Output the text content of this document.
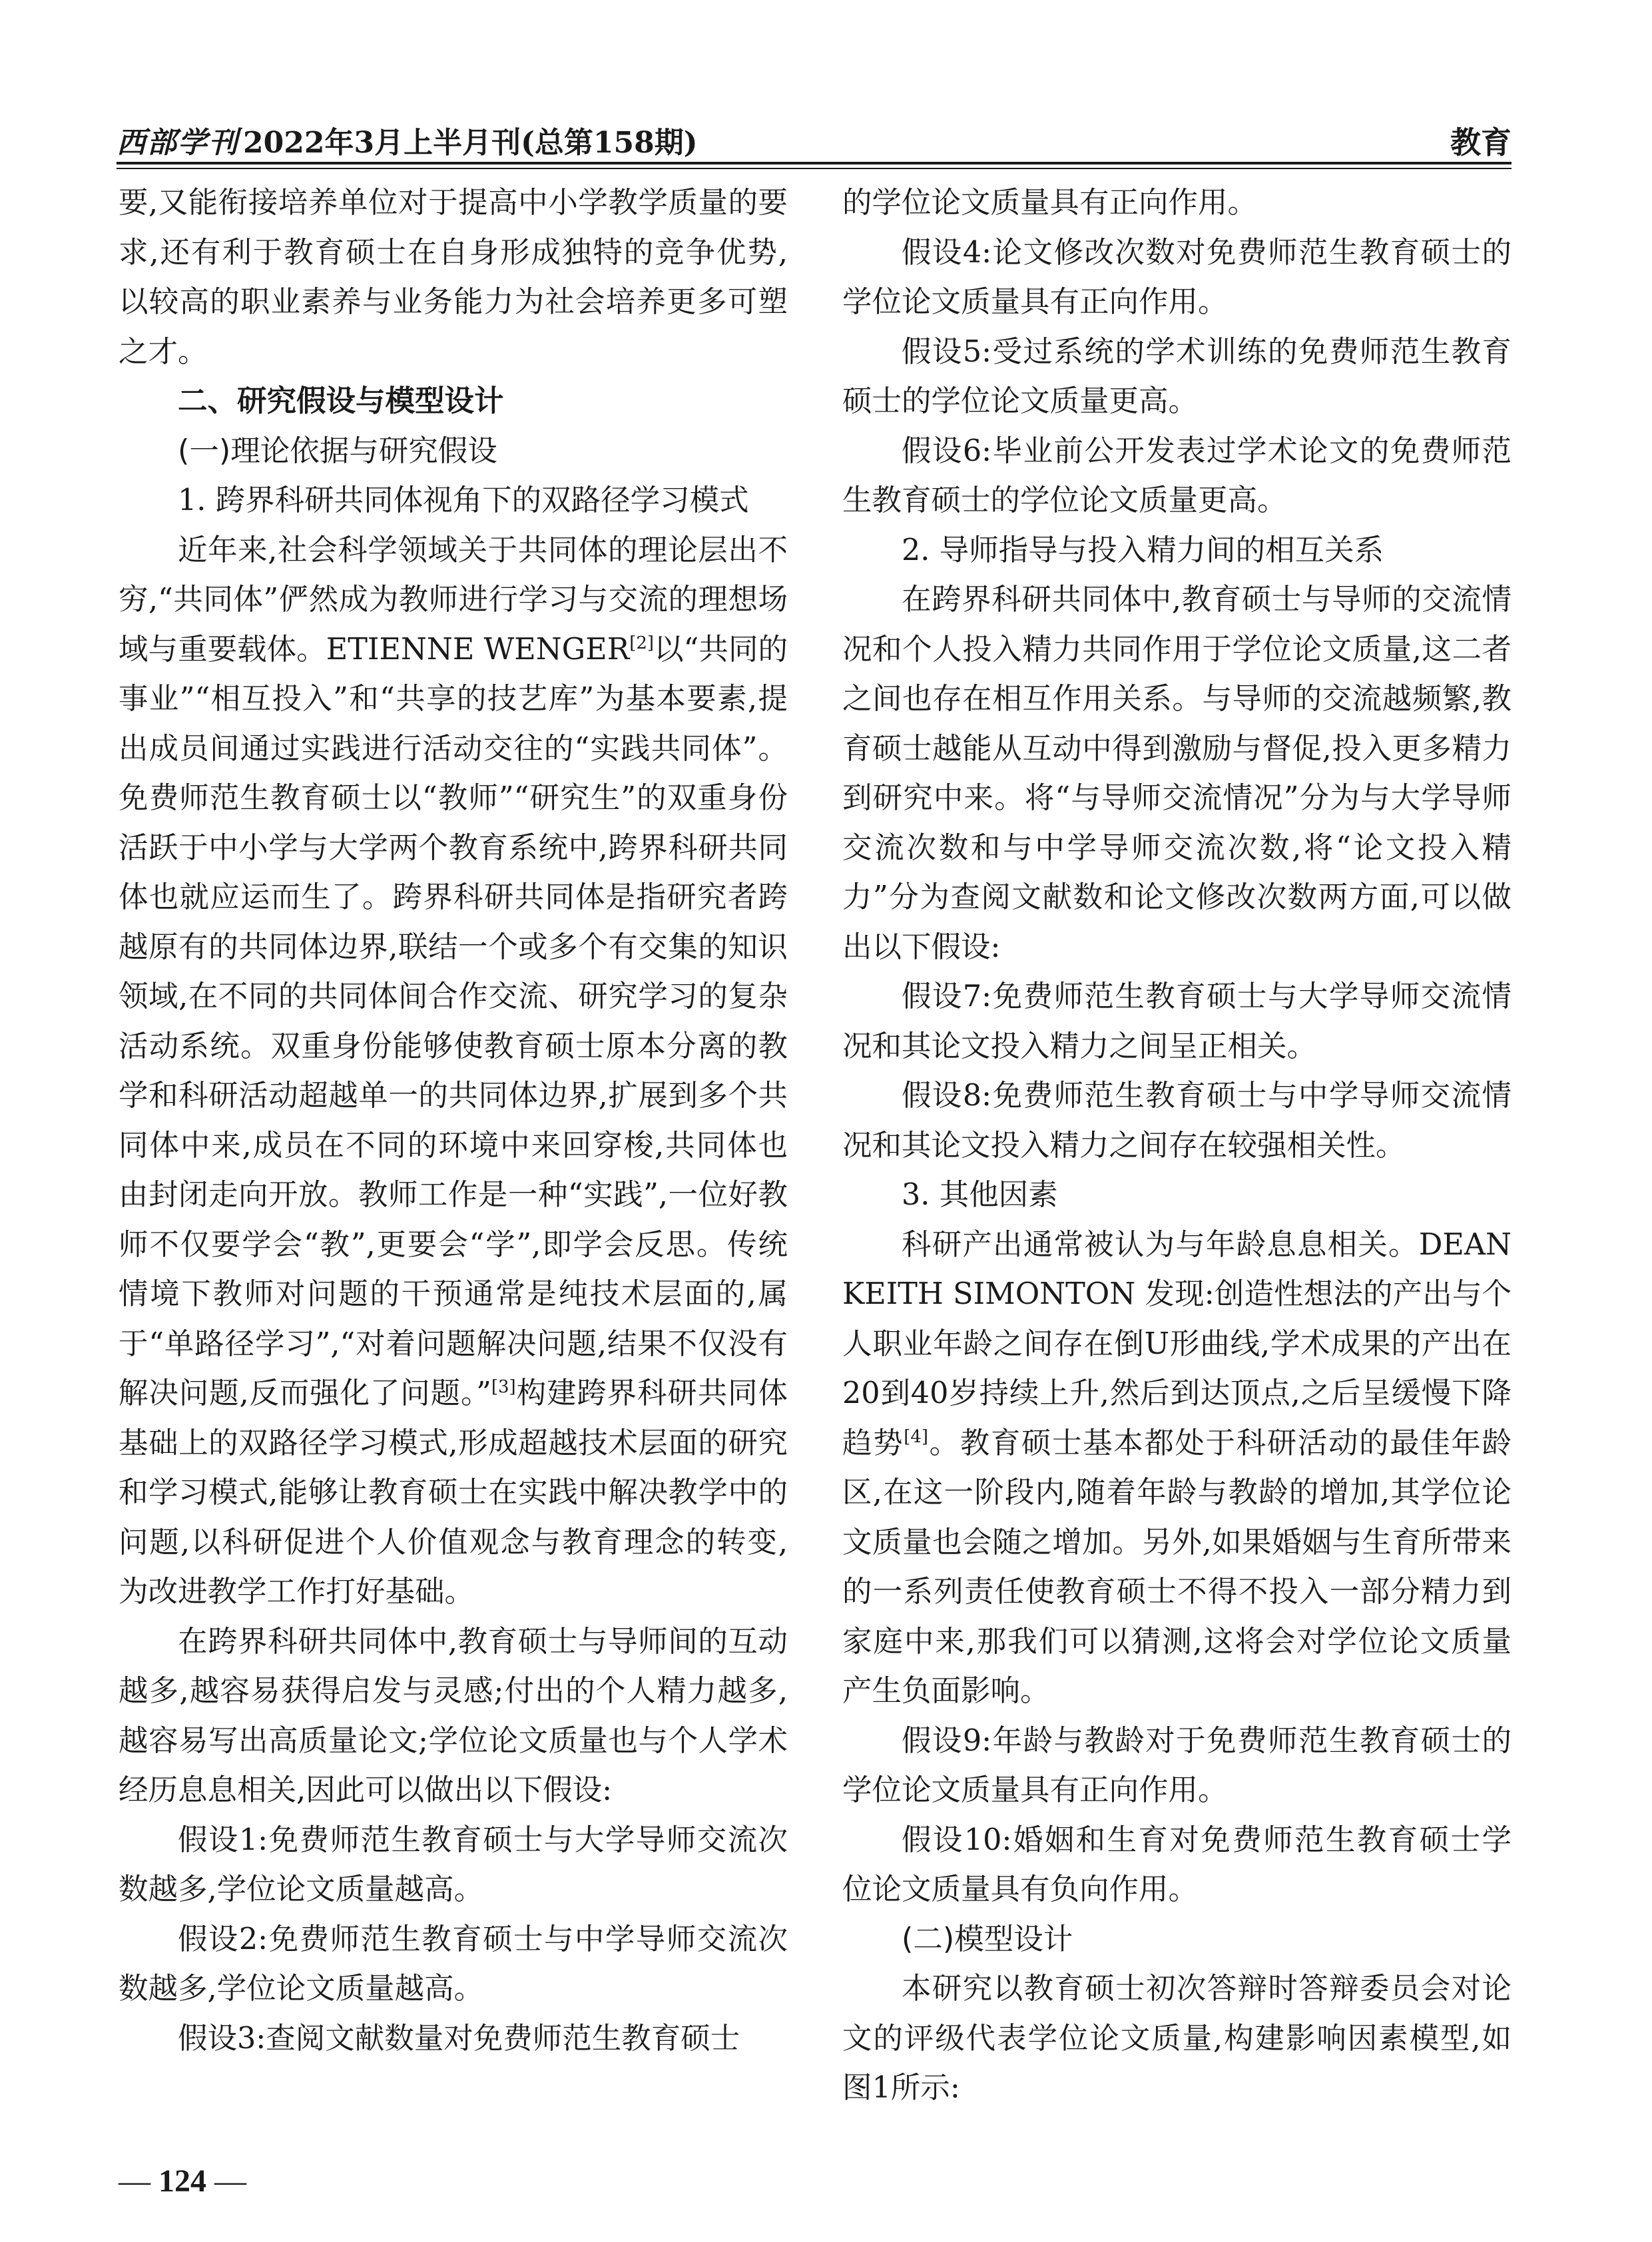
西部学刊 2022年3月上半月刊(总第158期)	教育

要,又能衔接培养单位对于提高中小学教学质量的要求,还有利于教育硕士在自身形成独特的竞争优势,以较高的职业素养与业务能力为社会培养更多可塑之才。

二、研究假设与模型设计

(一)理论依据与研究假设

1. 跨界科研共同体视角下的双路径学习模式

近年来,社会科学领域关于共同体的理论层出不穷,“共同体”俨然成为教师进行学习与交流的理想场域与重要载体。ETIENNE WENGER[2]以“共同的事业”“相互投入”和“共享的技艺库”为基本要素,提出成员间通过实践进行活动交往的“实践共同体”。免费师范生教育硕士以“教师”“研究生”的双重身份活跃于中小学与大学两个教育系统中,跨界科研共同体也就应运而生了。跨界科研共同体是指研究者跨越原有的共同体边界,联结一个或多个有交集的知识领域,在不同的共同体间合作交流、研究学习的复杂活动系统。双重身份能够使教育硕士原本分离的教学和科研活动超越单一的共同体边界,扩展到多个共同体中来,成员在不同的环境中来回穿梭,共同体也由封闭走向开放。教师工作是一种“实践”,一位好教师不仅要学会“教”,更要会“学”,即学会反思。传统情境下教师对问题的干预通常是纯技术层面的,属于“单路径学习”,“对着问题解决问题,结果不仅没有解决问题,反而强化了问题。”[3]构建跨界科研共同体基础上的双路径学习模式,形成超越技术层面的研究和学习模式,能够让教育硕士在实践中解决教学中的问题,以科研促进个人价值观念与教育理念的转变,为改进教学工作打好基础。

在跨界科研共同体中,教育硕士与导师间的互动越多,越容易获得启发与灵感;付出的个人精力越多,越容易写出高质量论文;学位论文质量也与个人学术经历息息相关,因此可以做出以下假设:

假设1:免费师范生教育硕士与大学导师交流次数越多,学位论文质量越高。

假设2:免费师范生教育硕士与中学导师交流次数越多,学位论文质量越高。

假设3:查阅文献数量对免费师范生教育硕士

的学位论文质量具有正向作用。

假设4:论文修改次数对免费师范生教育硕士的学位论文质量具有正向作用。

假设5:受过系统的学术训练的免费师范生教育硕士的学位论文质量更高。

假设6:毕业前公开发表过学术论文的免费师范生教育硕士的学位论文质量更高。

2. 导师指导与投入精力间的相互关系

在跨界科研共同体中,教育硕士与导师的交流情况和个人投入精力共同作用于学位论文质量,这二者之间也存在相互作用关系。与导师的交流越频繁,教育硕士越能从互动中得到激励与督促,投入更多精力到研究中来。将“与导师交流情况”分为与大学导师交流次数和与中学导师交流次数,将“论文投入精力”分为查阅文献数和论文修改次数两方面,可以做出以下假设:

假设7:免费师范生教育硕士与大学导师交流情况和其论文投入精力之间呈正相关。

假设8:免费师范生教育硕士与中学导师交流情况和其论文投入精力之间存在较强相关性。

3. 其他因素

科研产出通常被认为与年龄息息相关。DEAN KEITH SIMONTON 发现:创造性想法的产出与个人职业年龄之间存在倒U形曲线,学术成果的产出在20到40岁持续上升,然后到达顶点,之后呈缓慢下降趋势[4]。教育硕士基本都处于科研活动的最佳年龄区,在这一阶段内,随着年龄与教龄的增加,其学位论文质量也会随之增加。另外,如果婚姻与生育所带来的一系列责任使教育硕士不得不投入一部分精力到家庭中来,那我们可以猜测,这将会对学位论文质量产生负面影响。

假设9:年龄与教龄对于免费师范生教育硕士的学位论文质量具有正向作用。

假设10:婚姻和生育对免费师范生教育硕士学位论文质量具有负向作用。

(二)模型设计

本研究以教育硕士初次答辩时答辩委员会对论文的评级代表学位论文质量,构建影响因素模型,如图1所示:

— 124 —
